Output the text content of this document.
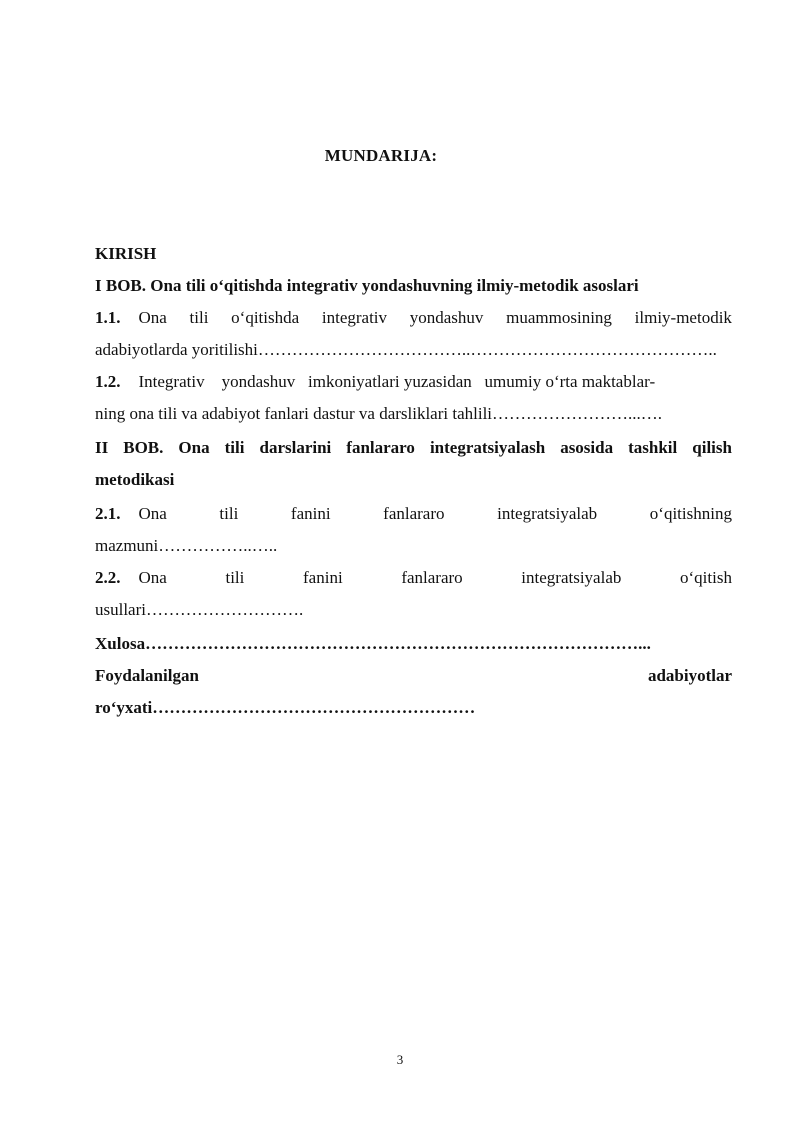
MUNDARIJA:
KIRISH
I BOB. Ona tili o‘qitishda integrativ yondashuvning ilmiy-metodik asoslari
1.1. Ona tili o‘qitishda integrativ yondashuv muammosining ilmiy-metodik
adabiyotlarda yoritilishi………………………………..……………………………………..
1.2. Integrativ    yondashuv   imkoniyatlari yuzasidan   umumiy o‘rta maktablar-
ning ona tili va adabiyot fanlari dastur va darsliklari tahlili……………………...….
II BOB. Ona tili darslarini fanlararo integratsiyalash asosida tashkil qilish
metodikasi
2.1. Ona	tili	fanini	fanlararo	integratsiyalab	o‘qitishning
mazmuni……………..…..
2.2. Ona	tili	fanini	fanlararo	integratsiyalab	o‘qitish
usullari……………………….
Xulosa……………………………………………………………………………...
Foydalanilgan	adabiyotlar
ro‘yxati…………………………………………………
3
